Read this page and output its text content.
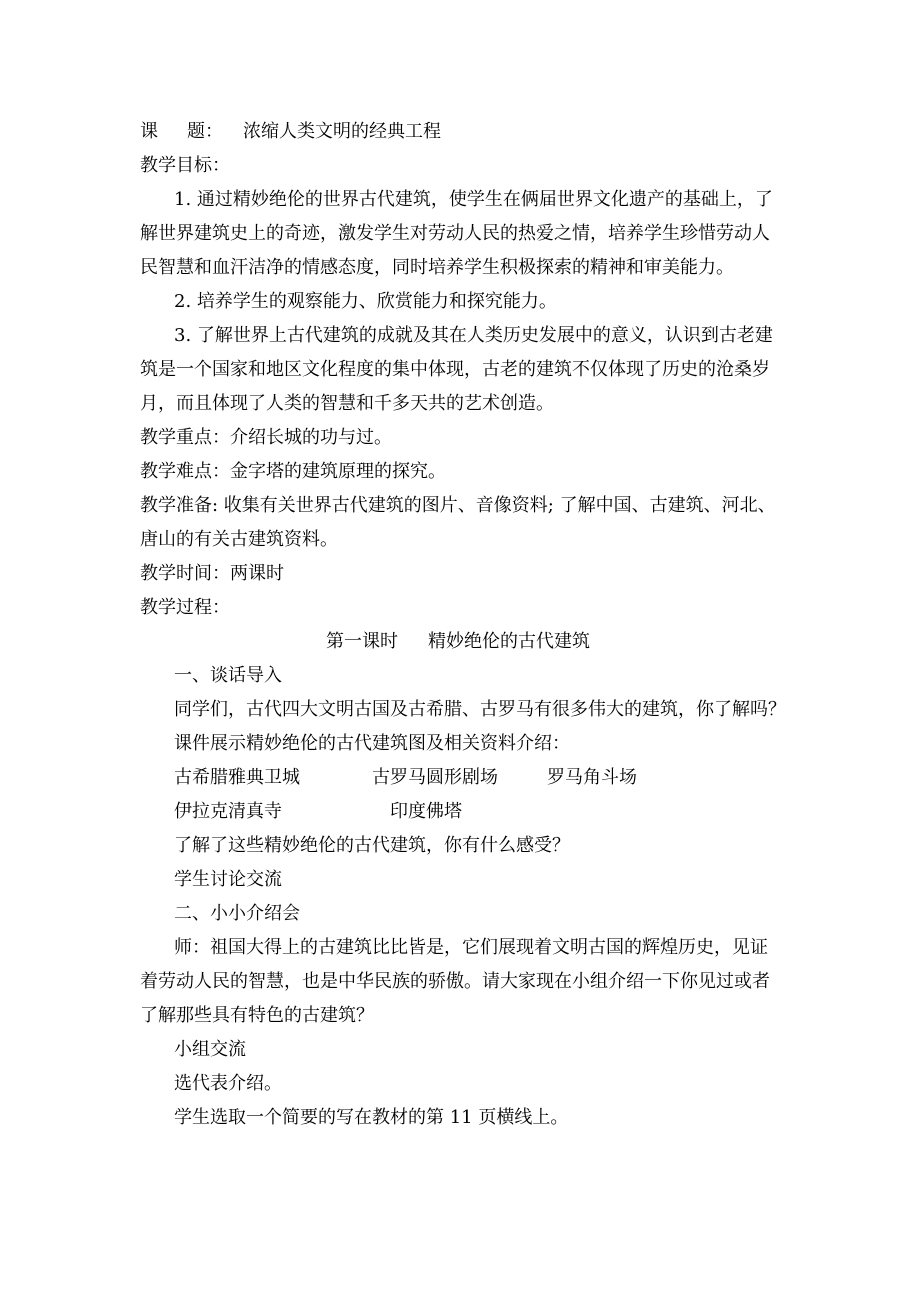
课 题： 浓缩人类文明的经典工程
教学目标：
1. 通过精妙绝伦的世界古代建筑，使学生在俩届世界文化遗产的基础上，了
解世界建筑史上的奇迹，激发学生对劳动人民的热爱之情，培养学生珍惜劳动人
民智慧和血汗洁净的情感态度，同时培养学生积极探索的精神和审美能力。
2. 培养学生的观察能力、欣赏能力和探究能力。
3. 了解世界上古代建筑的成就及其在人类历史发展中的意义，认识到古老建
筑是一个国家和地区文化程度的集中体现，古老的建筑不仅体现了历史的沧桑岁
月，而且体现了人类的智慧和千多天共的艺术创造。
教学重点：介绍长城的功与过。
教学难点：金字塔的建筑原理的探究。
教学准备: 收集有关世界古代建筑的图片、音像资料; 了解中国、古建筑、河北、
唐山的有关古建筑资料。
教学时间：两课时
教学过程：
第一课时 精妙绝伦的古代建筑
一、谈话导入
同学们，古代四大文明古国及古希腊、古罗马有很多伟大的建筑，你了解吗？
课件展示精妙绝伦的古代建筑图及相关资料介绍：
古希腊雅典卫城	古罗马圆形剧场	罗马角斗场
伊拉克清真寺	印度佛塔
了解了这些精妙绝伦的古代建筑，你有什么感受？
学生讨论交流
二、小小介绍会
师：祖国大得上的古建筑比比皆是，它们展现着文明古国的辉煌历史，见证
着劳动人民的智慧，也是中华民族的骄傲。请大家现在小组介绍一下你见过或者
了解那些具有特色的古建筑？
小组交流
选代表介绍。
学生选取一个简要的写在教材的第 11 页横线上。
